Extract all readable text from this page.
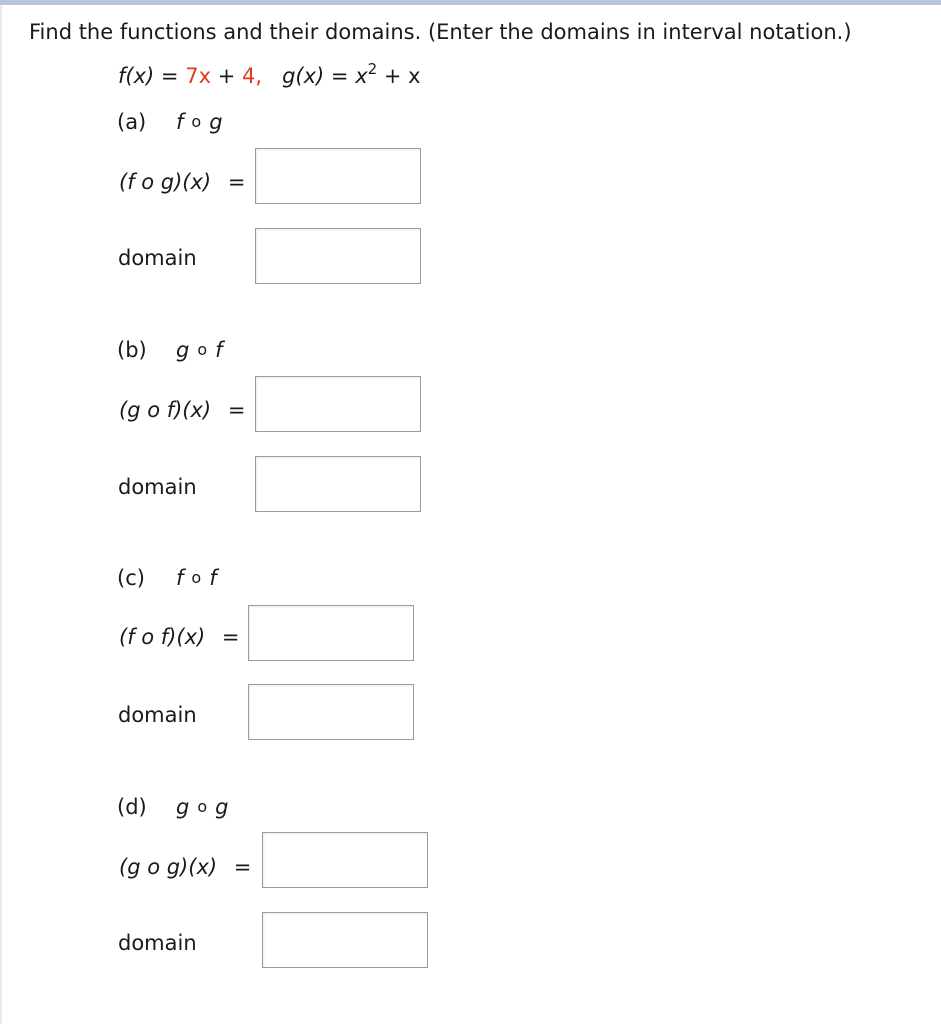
Find the functions and their domains. (Enter the domains in interval notation.)
f(x) = 7x + 4, $g(x) = x^2 + x$
(a) f o g
(f o g)(x) =
domain
(b) g o f
(g o f)(x) =
domain
(c) f o f
(f o f)(x) =
domain
(d) g o g
(g o g)(x) =
domain
